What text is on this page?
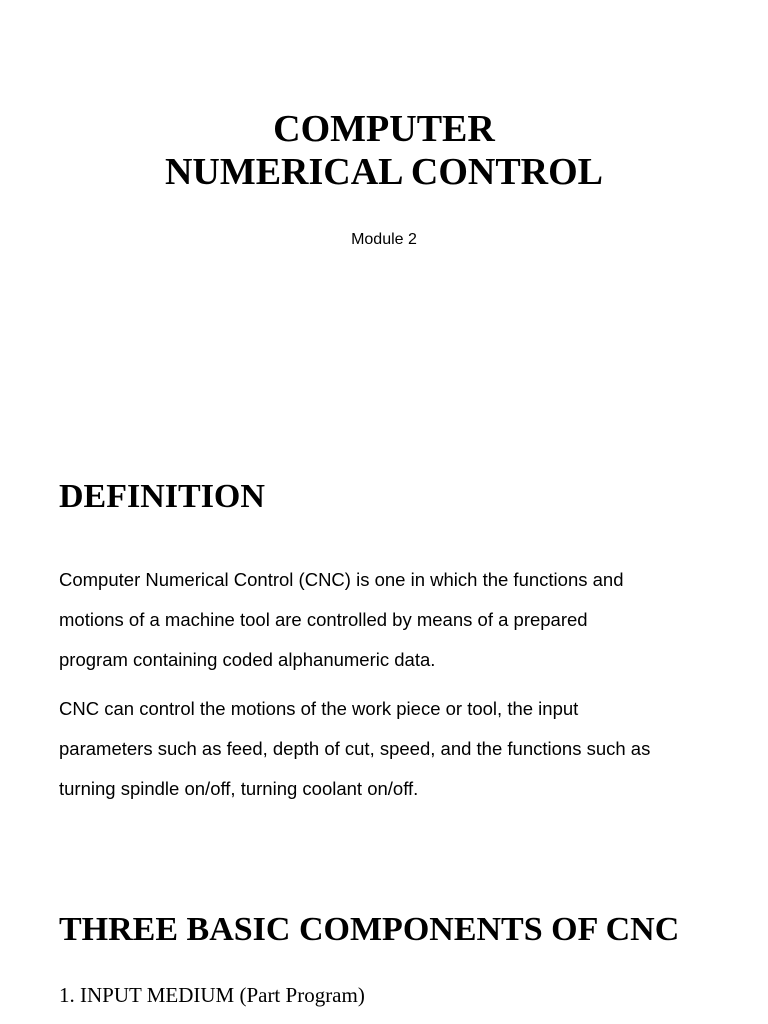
COMPUTER
NUMERICAL CONTROL
Module 2
DEFINITION
Computer Numerical Control (CNC) is one in which the functions and
motions of a machine tool are controlled by means of a prepared
program containing coded alphanumeric data.
CNC can control the motions of the work piece or tool, the input
parameters such as feed, depth of cut, speed, and the functions such as
turning spindle on/off, turning coolant on/off.
THREE BASIC COMPONENTS OF CNC
1. INPUT MEDIUM (Part Program)
